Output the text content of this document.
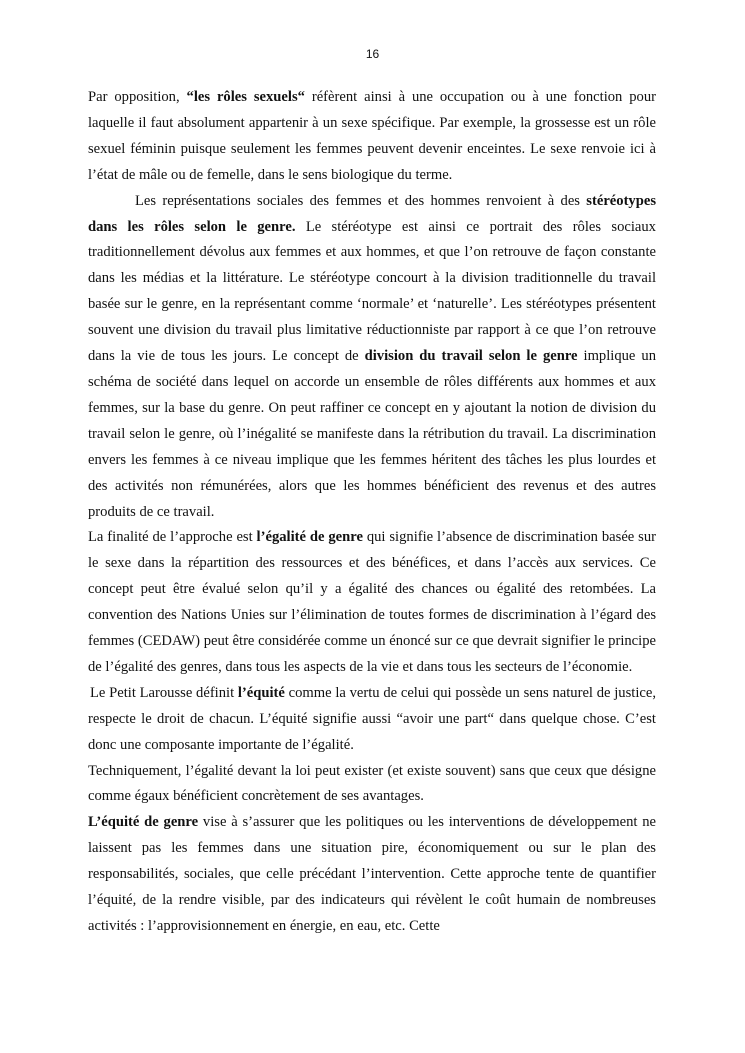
16

Par opposition, “les rôles sexuels“ réfèrent ainsi à une occupation ou à une fonction pour laquelle il faut absolument appartenir à un sexe spécifique. Par exemple, la grossesse est un rôle sexuel féminin puisque seulement les femmes peuvent devenir enceintes. Le sexe renvoie ici à l’état de mâle ou de femelle, dans le sens biologique du terme.

Les représentations sociales des femmes et des hommes renvoient à des stéréotypes dans les rôles selon le genre. Le stéréotype est ainsi ce portrait des rôles sociaux traditionnellement dévolus aux femmes et aux hommes, et que l’on retrouve de façon constante dans les médias et la littérature. Le stéréotype concourt à la division traditionnelle du travail basée sur le genre, en la représentant comme ‘normale’ et ‘naturelle’. Les stéréotypes présentent souvent une division du travail plus limitative réductionniste par rapport à ce que l’on retrouve dans la vie de tous les jours. Le concept de division du travail selon le genre implique un schéma de société dans lequel on accorde un ensemble de rôles différents aux hommes et aux femmes, sur la base du genre. On peut raffiner ce concept en y ajoutant la notion de division du travail selon le genre, où l’inégalité se manifeste dans la rétribution du travail. La discrimination envers les femmes à ce niveau implique que les femmes héritent des tâches les plus lourdes et des activités non rémunérées, alors que les hommes bénéficient des revenus et des autres produits de ce travail.

La finalité de l’approche est l’égalité de genre qui signifie l’absence de discrimination basée sur le sexe dans la répartition des ressources et des bénéfices, et dans l’accès aux services. Ce concept peut être évalué selon qu’il y a égalité des chances ou égalité des retombées. La convention des Nations Unies sur l’élimination de toutes formes de discrimination à l’égard des femmes (CEDAW) peut être considérée comme un énoncé sur ce que devrait signifier le principe de l’égalité des genres, dans tous les aspects de la vie et dans tous les secteurs de l’économie.

Le Petit Larousse définit l’équité comme la vertu de celui qui possède un sens naturel de justice, respecte le droit de chacun. L’équité signifie aussi “avoir une part“ dans quelque chose. C’est donc une composante importante de l’égalité.

Techniquement, l’égalité devant la loi peut exister (et existe souvent) sans que ceux que désigne comme égaux bénéficient concrètement de ses avantages.

L’équité de genre vise à s’assurer que les politiques ou les interventions de développement ne laissent pas les femmes dans une situation pire, économiquement ou sur le plan des responsabilités, sociales, que celle précédant l’intervention. Cette approche tente de quantifier l’équité, de la rendre visible, par des indicateurs qui révèlent le coût humain de nombreuses activités : l’approvisionnement en énergie, en eau, etc. Cette
